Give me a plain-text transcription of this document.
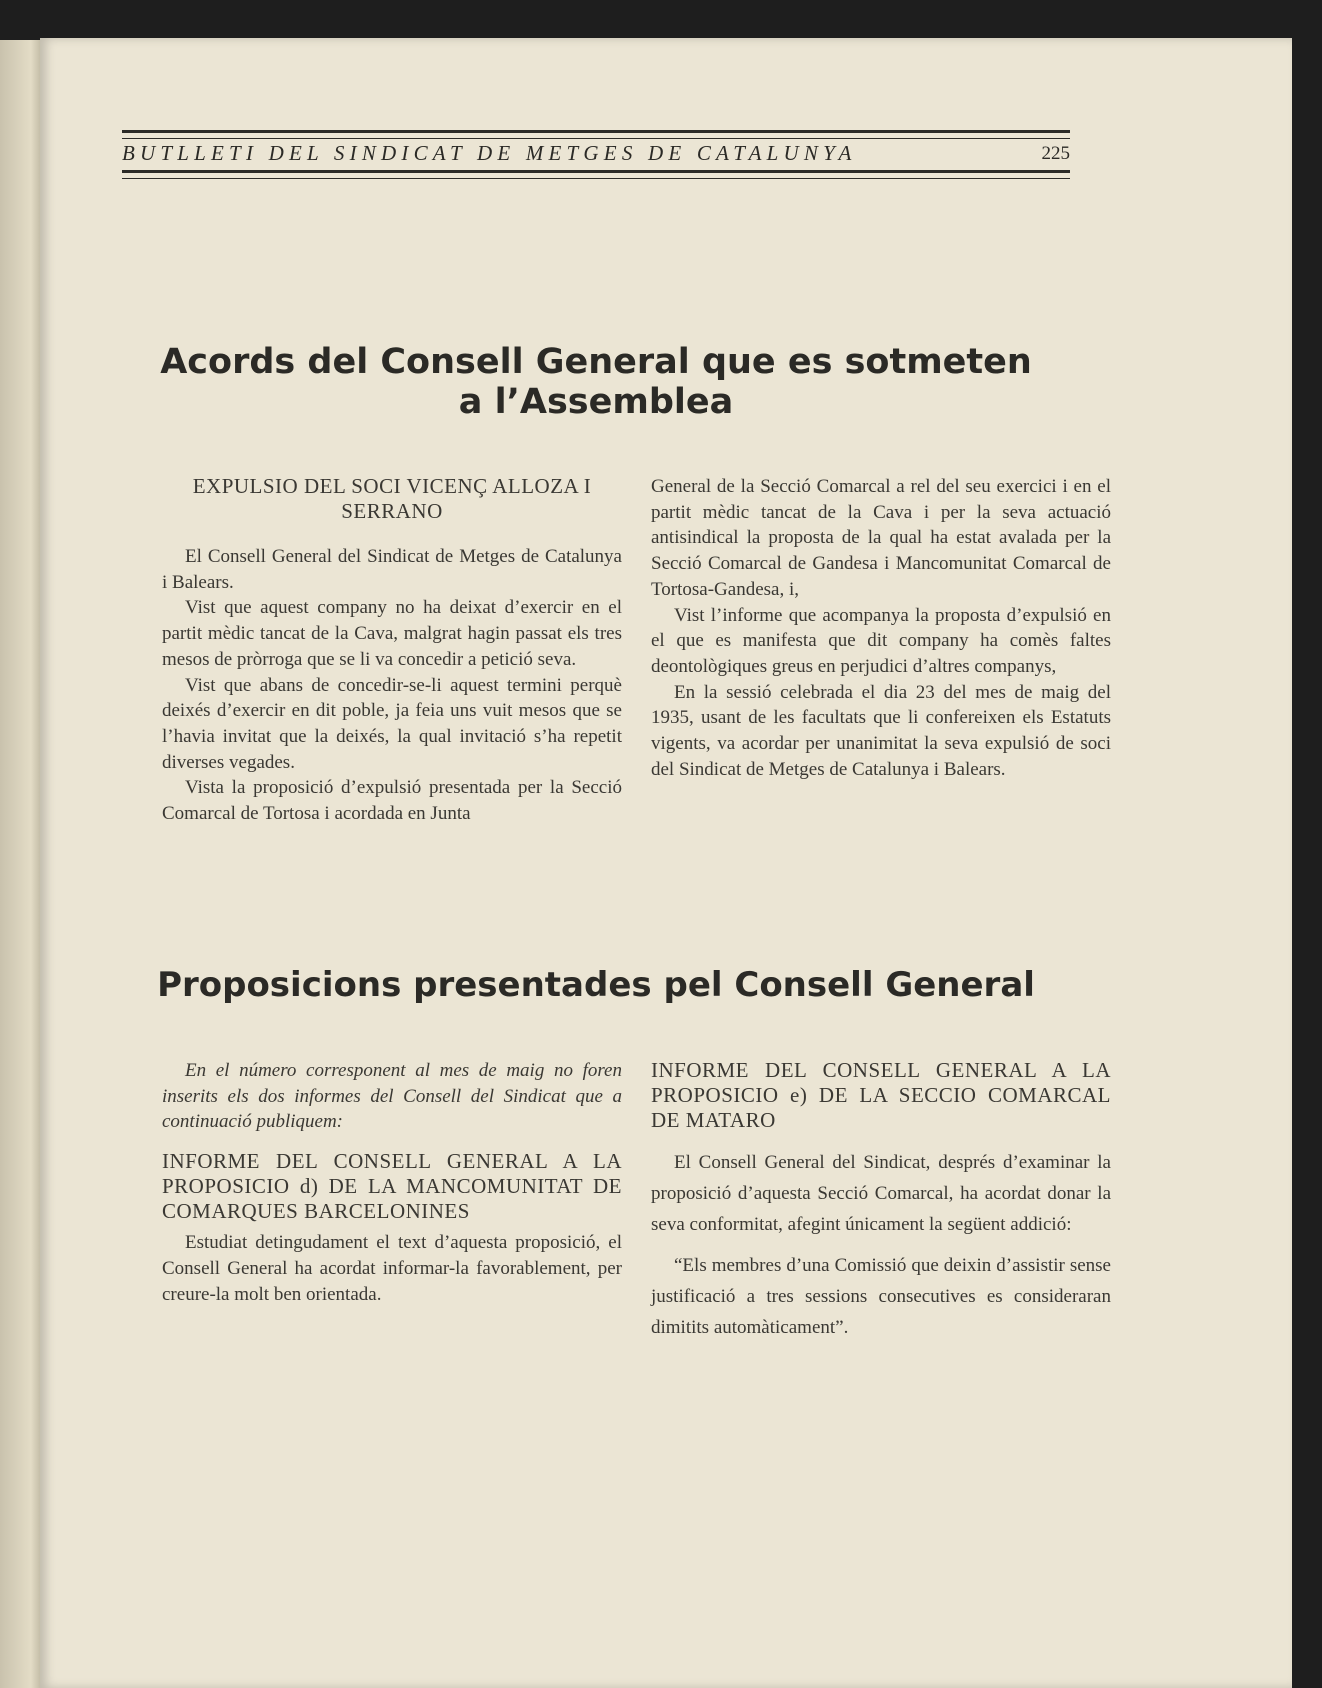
BUTLLETI DEL SINDICAT DE METGES DE CATALUNYA	225
Acords del Consell General que es sotmeten
a l’Assemblea
EXPULSIO DEL SOCI VICENÇ ALLOZA I SERRANO

El Consell General del Sindicat de Metges de Catalunya i Balears.

Vist que aquest company no ha deixat d’exercir en el partit mèdic tancat de la Cava, malgrat hagin passat els tres mesos de pròrroga que se li va concedir a petició seva.

Vist que abans de concedir-se-li aquest termini perquè deixés d’exercir en dit poble, ja feia uns vuit mesos que se l’havia invitat que la deixés, la qual invitació s’ha repetit diverses vegades.

Vista la proposició d’expulsió presentada per la Secció Comarcal de Tortosa i acordada en Junta

General de la Secció Comarcal a rel del seu exercici i en el partit mèdic tancat de la Cava i per la seva actuació antisindical la proposta de la qual ha estat avalada per la Secció Comarcal de Gandesa i Mancomunitat Comarcal de Tortosa-Gandesa, i,

Vist l’informe que acompanya la proposta d’expulsió en el que es manifesta que dit company ha comès faltes deontològiques greus en perjudici d’altres companys,

En la sessió celebrada el dia 23 del mes de maig del 1935, usant de les facultats que li confereixen els Estatuts vigents, va acordar per unanimitat la seva expulsió de soci del Sindicat de Metges de Catalunya i Balears.

Proposicions presentades pel Consell General

En el número corresponent al mes de maig no foren inserits els dos informes del Consell del Sindicat que a continuació publiquem:

INFORME DEL CONSELL GENERAL A LA PROPOSICIO d) DE LA MANCOMUNITAT DE COMARQUES BARCELONINES

Estudiat detingudament el text d’aquesta proposició, el Consell General ha acordat informar-la favorablement, per creure-la molt ben orientada.

INFORME DEL CONSELL GENERAL A LA PROPOSICIO e) DE LA SECCIO COMARCAL DE MATARO

El Consell General del Sindicat, després d’examinar la proposició d’aquesta Secció Comarcal, ha acordat donar la seva conformitat, afegint únicament la següent addició:

“Els membres d’una Comissió que deixin d’assistir sense justificació a tres sessions consecutives es consideraran dimitits automàticament”.
